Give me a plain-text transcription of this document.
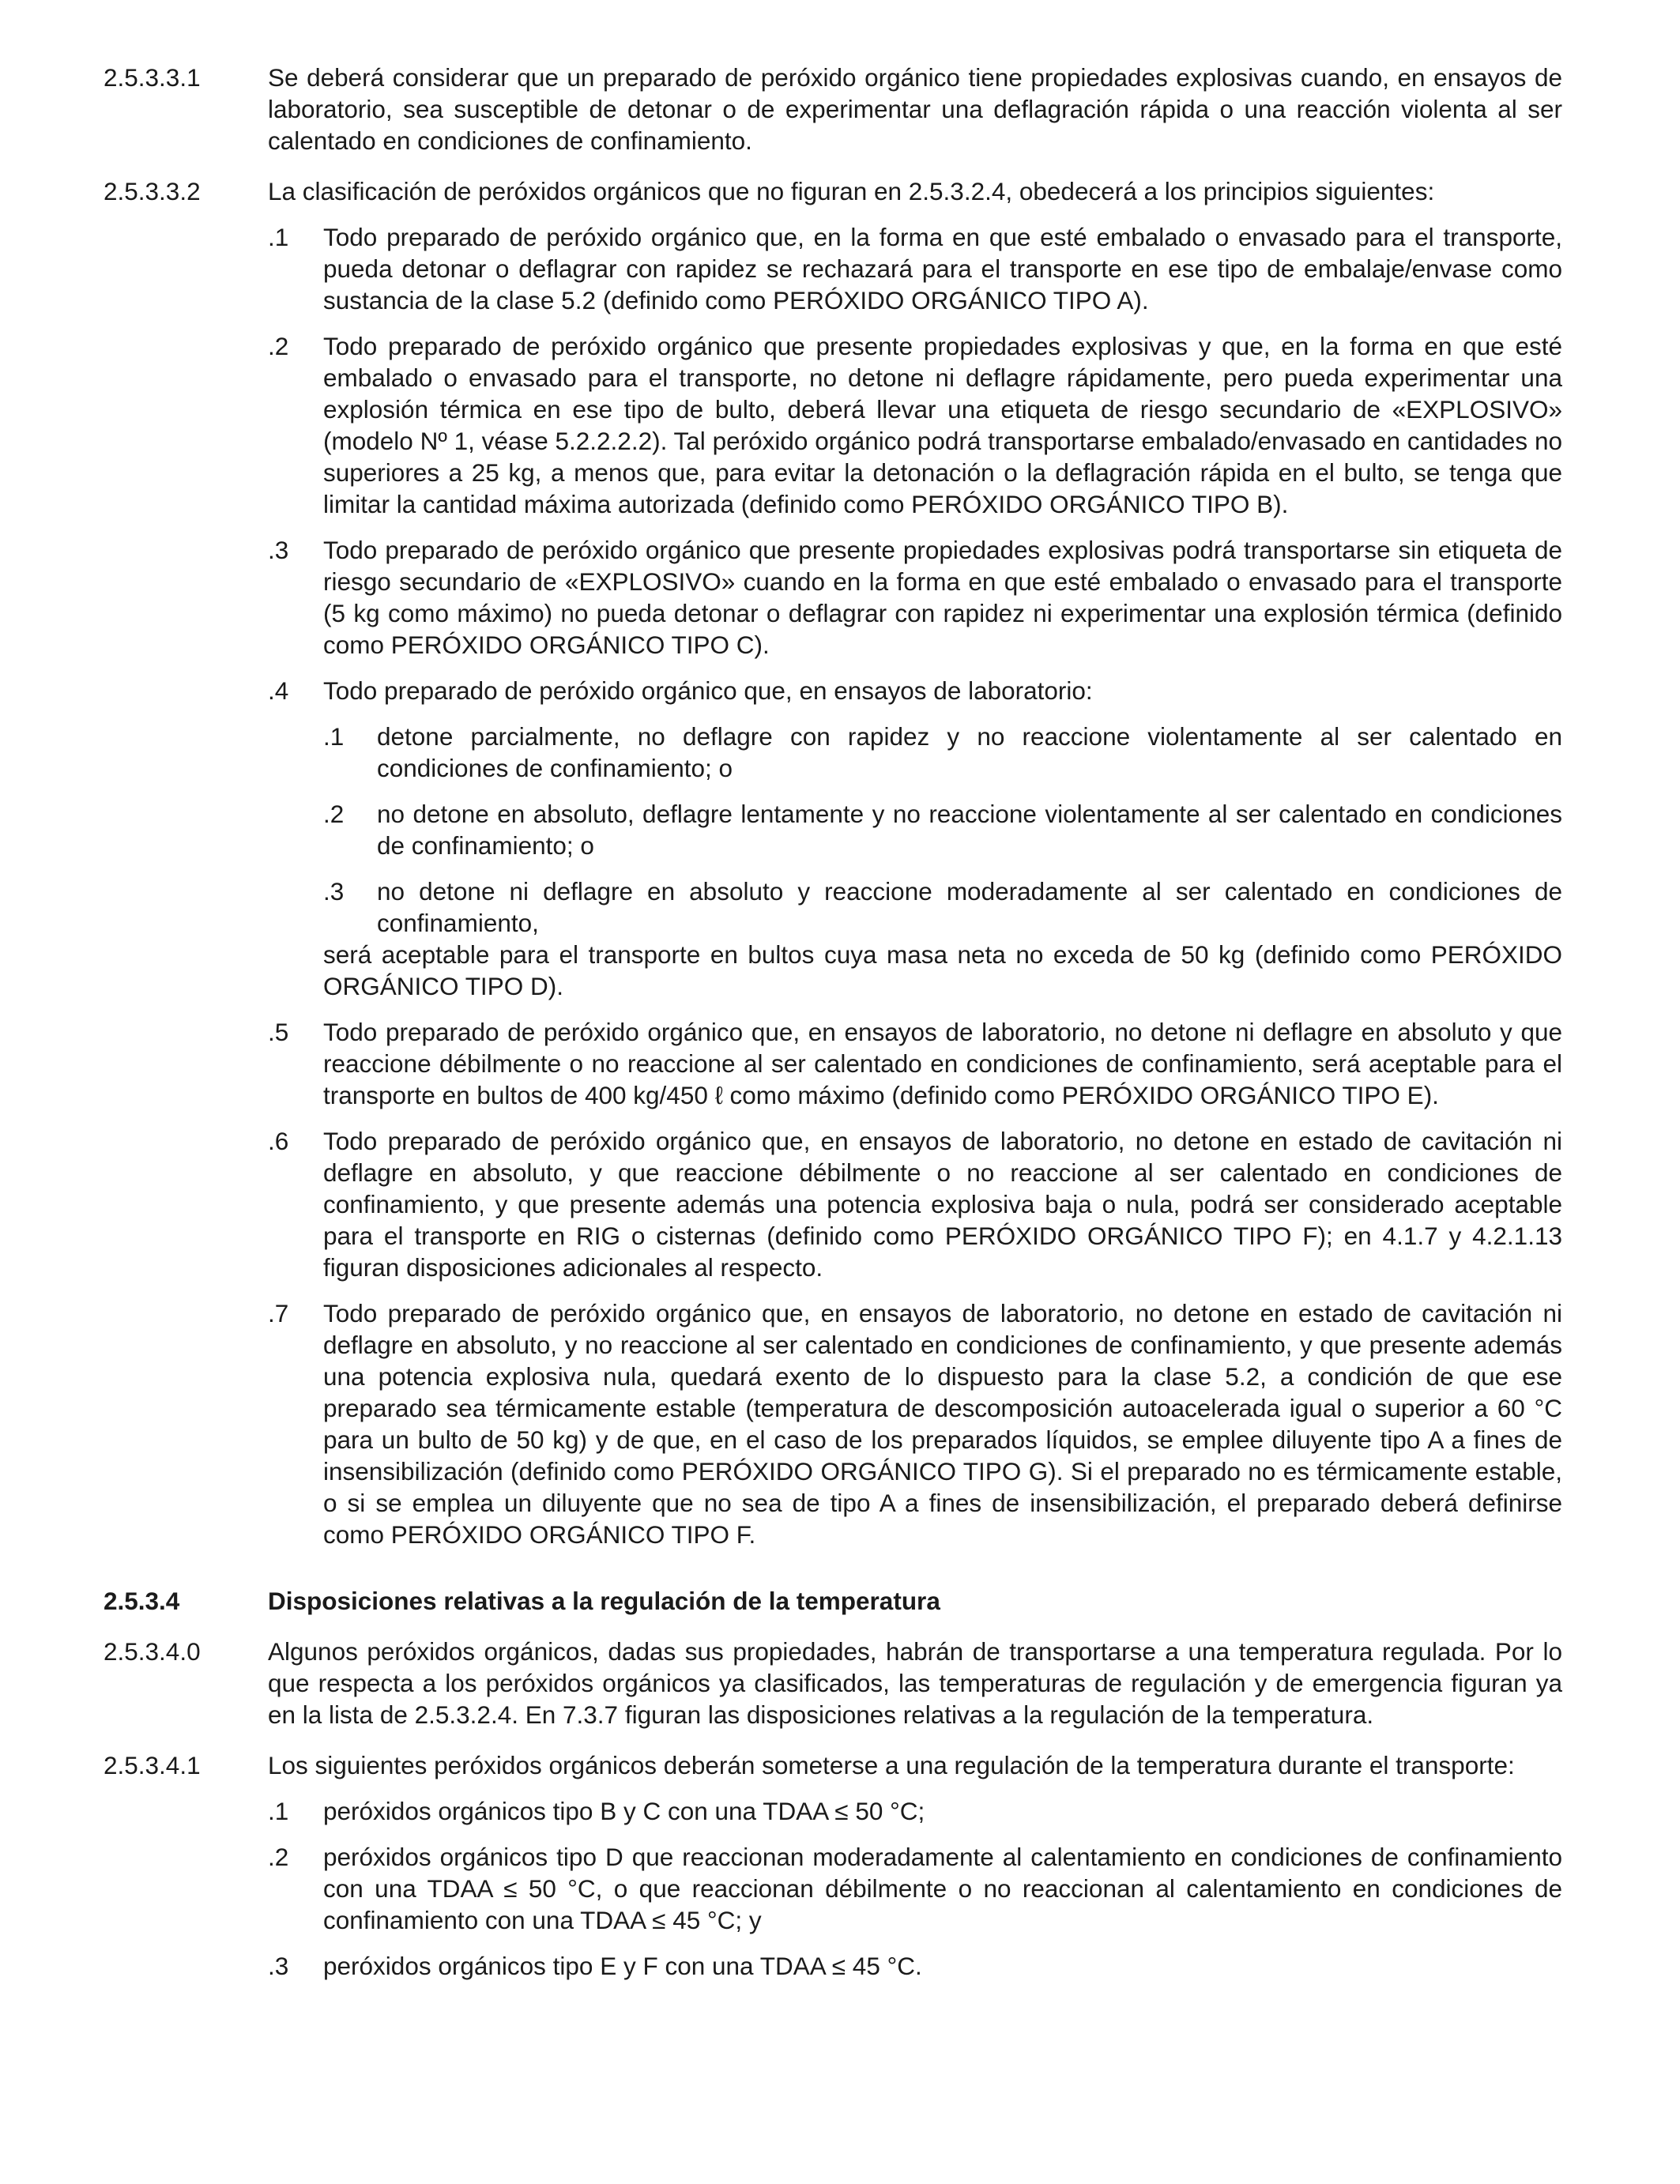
2.5.3.3.1	Se deberá considerar que un preparado de peróxido orgánico tiene propiedades explosivas cuando, en ensayos de laboratorio, sea susceptible de detonar o de experimentar una deflagración rápida o una reacción violenta al ser calentado en condiciones de confinamiento.

2.5.3.3.2	La clasificación de peróxidos orgánicos que no figuran en 2.5.3.2.4, obedecerá a los principios siguientes:

.1 Todo preparado de peróxido orgánico que, en la forma en que esté embalado o envasado para el transporte, pueda detonar o deflagrar con rapidez se rechazará para el transporte en ese tipo de embalaje/envase como sustancia de la clase 5.2 (definido como PERÓXIDO ORGÁNICO TIPO A).

.2 Todo preparado de peróxido orgánico que presente propiedades explosivas y que, en la forma en que esté embalado o envasado para el transporte, no detone ni deflagre rápidamente, pero pueda experimentar una explosión térmica en ese tipo de bulto, deberá llevar una etiqueta de riesgo secundario de «EXPLOSIVO» (modelo Nº 1, véase 5.2.2.2.2). Tal peróxido orgánico podrá transportarse embalado/envasado en cantidades no superiores a 25 kg, a menos que, para evitar la detonación o la deflagración rápida en el bulto, se tenga que limitar la cantidad máxima autorizada (definido como PERÓXIDO ORGÁNICO TIPO B).

.3 Todo preparado de peróxido orgánico que presente propiedades explosivas podrá transportarse sin etiqueta de riesgo secundario de «EXPLOSIVO» cuando en la forma en que esté embalado o envasado para el transporte (5 kg como máximo) no pueda detonar o deflagrar con rapidez ni experimentar una explosión térmica (definido como PERÓXIDO ORGÁNICO TIPO C).

.4 Todo preparado de peróxido orgánico que, en ensayos de laboratorio:

.1 detone parcialmente, no deflagre con rapidez y no reaccione violentamente al ser calentado en condiciones de confinamiento; o

.2 no detone en absoluto, deflagre lentamente y no reaccione violentamente al ser calentado en condiciones de confinamiento; o

.3 no detone ni deflagre en absoluto y reaccione moderadamente al ser calentado en condiciones de confinamiento,

será aceptable para el transporte en bultos cuya masa neta no exceda de 50 kg (definido como PERÓXIDO ORGÁNICO TIPO D).

.5 Todo preparado de peróxido orgánico que, en ensayos de laboratorio, no detone ni deflagre en absoluto y que reaccione débilmente o no reaccione al ser calentado en condiciones de confinamiento, será aceptable para el transporte en bultos de 400 kg/450 ℓ como máximo (definido como PERÓXIDO ORGÁNICO TIPO E).

.6 Todo preparado de peróxido orgánico que, en ensayos de laboratorio, no detone en estado de cavitación ni deflagre en absoluto, y que reaccione débilmente o no reaccione al ser calentado en condiciones de confinamiento, y que presente además una potencia explosiva baja o nula, podrá ser considerado aceptable para el transporte en RIG o cisternas (definido como PERÓXIDO ORGÁNICO TIPO F); en 4.1.7 y 4.2.1.13 figuran disposiciones adicionales al respecto.

.7 Todo preparado de peróxido orgánico que, en ensayos de laboratorio, no detone en estado de cavitación ni deflagre en absoluto, y no reaccione al ser calentado en condiciones de confinamiento, y que presente además una potencia explosiva nula, quedará exento de lo dispuesto para la clase 5.2, a condición de que ese preparado sea térmicamente estable (temperatura de descomposición autoacelerada igual o superior a 60 °C para un bulto de 50 kg) y de que, en el caso de los preparados líquidos, se emplee diluyente tipo A a fines de insensibilización (definido como PERÓXIDO ORGÁNICO TIPO G). Si el preparado no es térmicamente estable, o si se emplea un diluyente que no sea de tipo A a fines de insensibilización, el preparado deberá definirse como PERÓXIDO ORGÁNICO TIPO F.

2.5.3.4	Disposiciones relativas a la regulación de la temperatura

2.5.3.4.0	Algunos peróxidos orgánicos, dadas sus propiedades, habrán de transportarse a una temperatura regulada. Por lo que respecta a los peróxidos orgánicos ya clasificados, las temperaturas de regulación y de emergencia figuran ya en la lista de 2.5.3.2.4. En 7.3.7 figuran las disposiciones relativas a la regulación de la temperatura.

2.5.3.4.1	Los siguientes peróxidos orgánicos deberán someterse a una regulación de la temperatura durante el transporte:

.1 peróxidos orgánicos tipo B y C con una TDAA ≤ 50 °C;

.2 peróxidos orgánicos tipo D que reaccionan moderadamente al calentamiento en condiciones de confinamiento con una TDAA ≤ 50 °C, o que reaccionan débilmente o no reaccionan al calentamiento en condiciones de confinamiento con una TDAA ≤ 45 °C; y

.3 peróxidos orgánicos tipo E y F con una TDAA ≤ 45 °C.
